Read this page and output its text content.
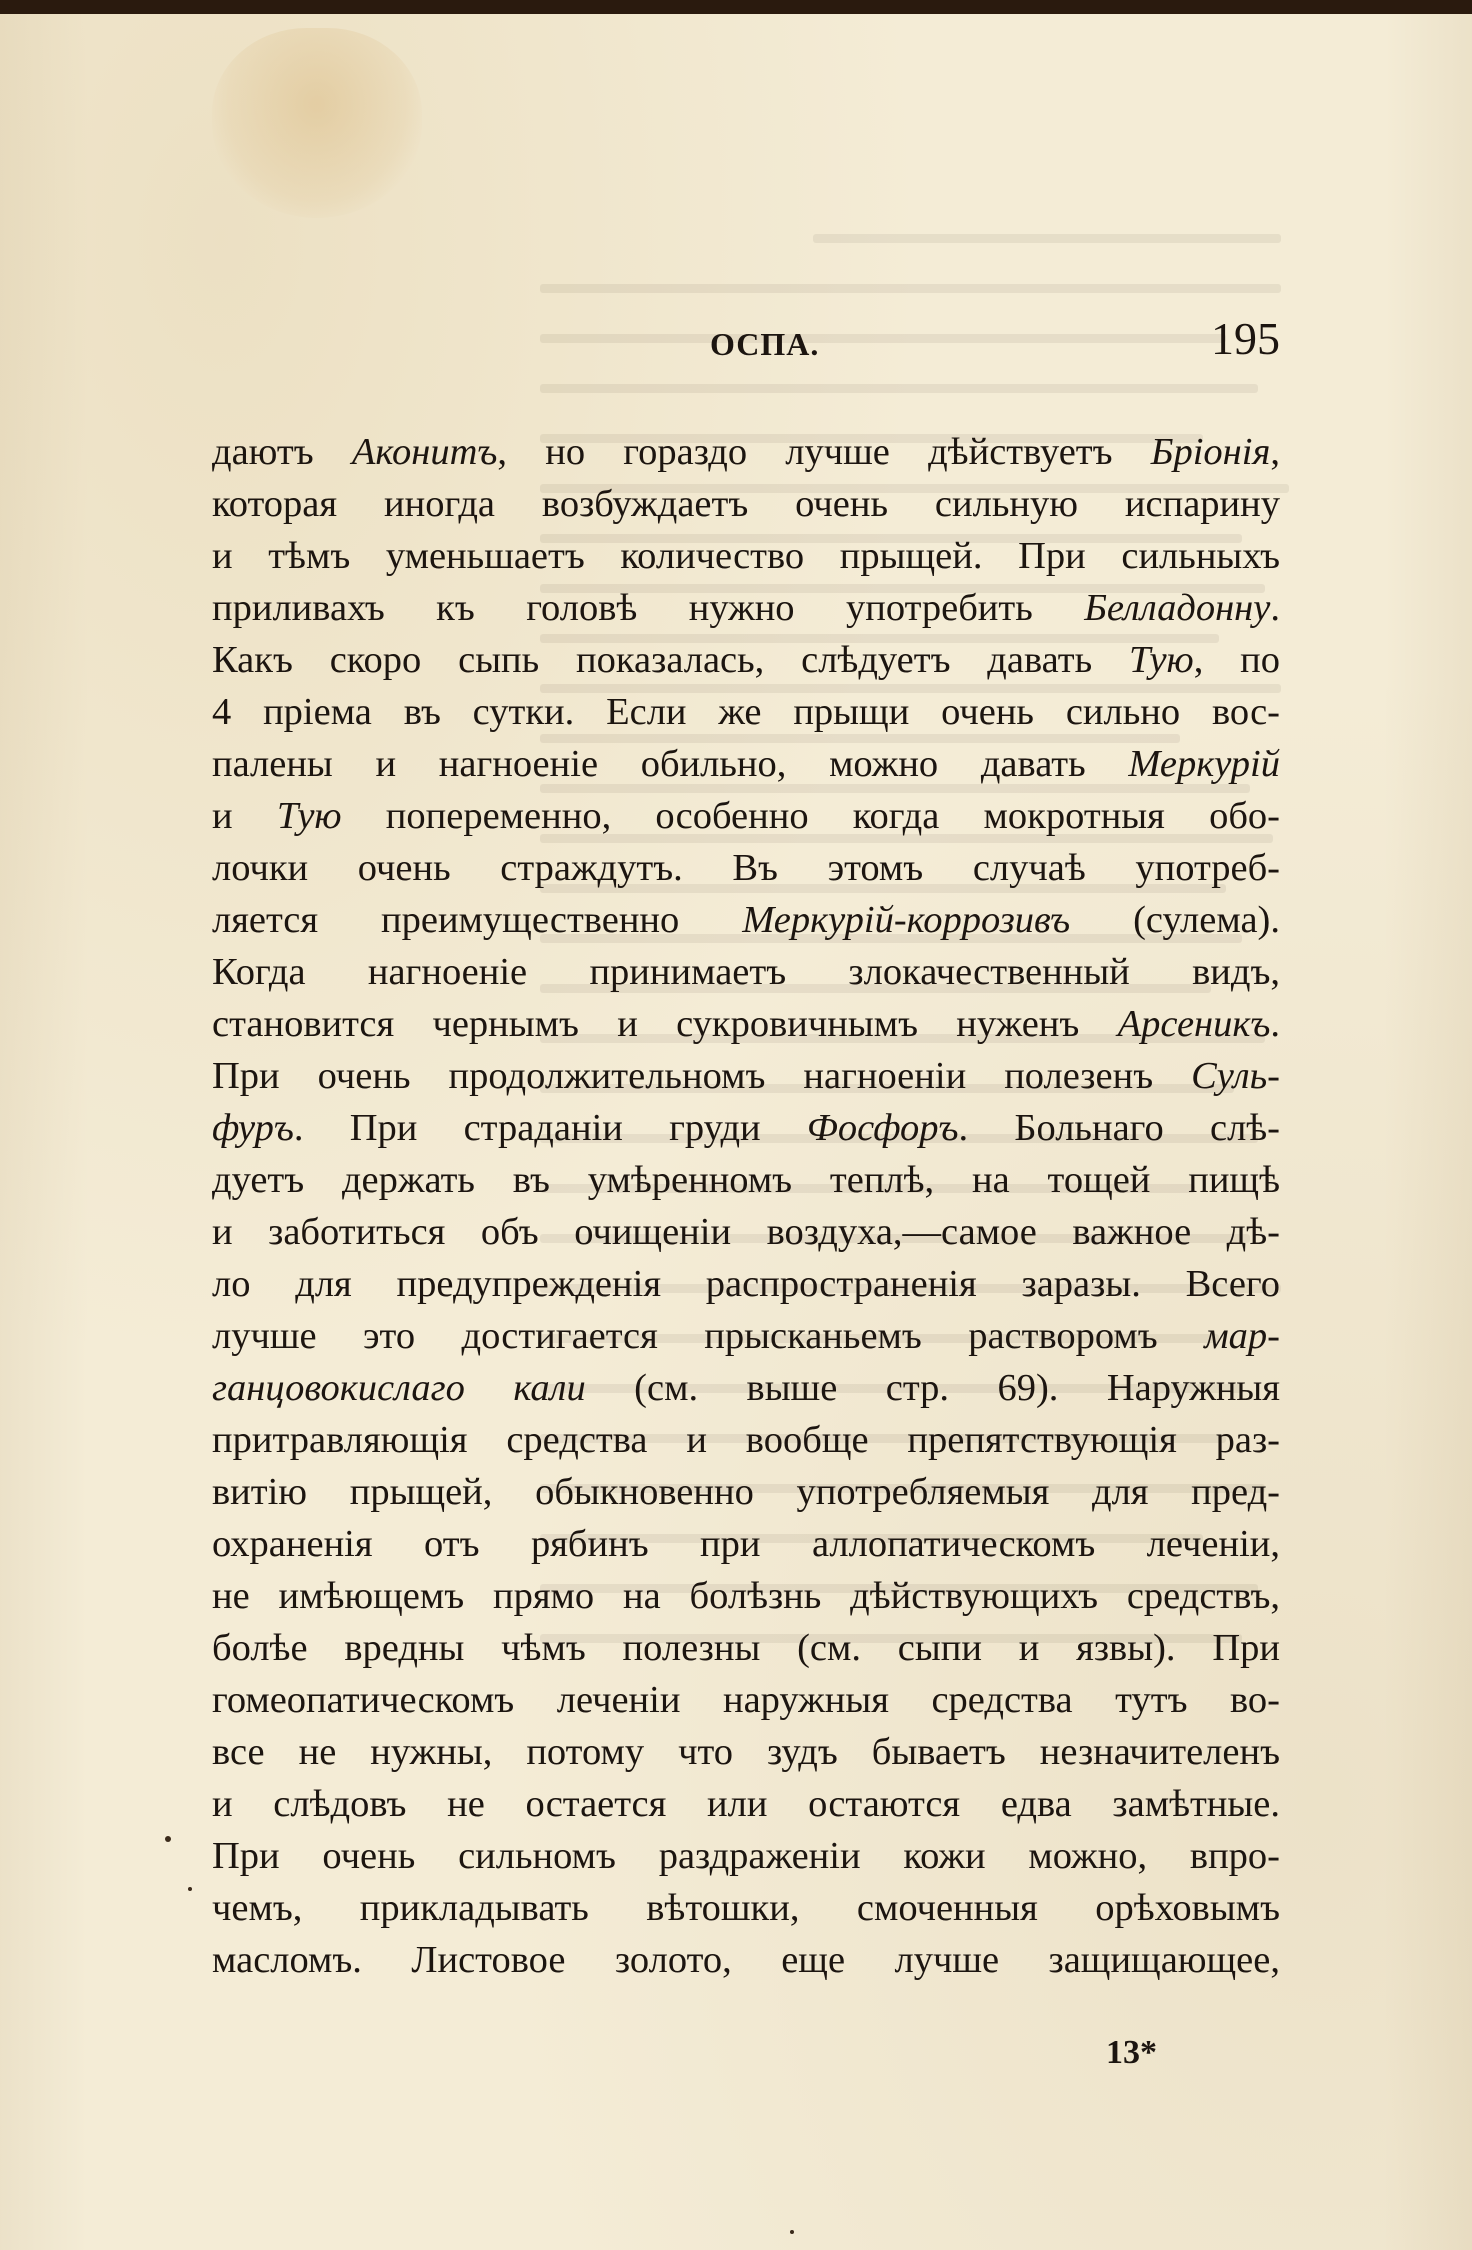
ОСПА.	195
даютъ Аконитъ, но гораздо лучше дѣйствуетъ Бріонія,
которая иногда возбуждаетъ очень сильную испарину
и тѣмъ уменьшаетъ количество прыщей. При сильныхъ
приливахъ къ головѣ нужно употребить Белладонну.
Какъ скоро сыпь показалась, слѣдуетъ давать Тую, по
4 пріема въ сутки. Если же прыщи очень сильно вос-
палены и нагноеніе обильно, можно давать Меркурій
и Тую попеременно, особенно когда мокротныя обо-
лочки очень страждутъ. Въ этомъ случаѣ употреб-
ляется преимущественно Меркурій-коррозивъ (сулема).
Когда нагноеніе принимаетъ злокачественный видъ,
становится чернымъ и сукровичнымъ нуженъ Арсеникъ.
При очень продолжительномъ нагноеніи полезенъ Суль-
фуръ. При страданіи груди Фосфоръ. Больнаго слѣ-
дуетъ держать въ умѣренномъ теплѣ, на тощей пищѣ
и заботиться объ очищеніи воздуха,—самое важное дѣ-
ло для предупрежденія распространенія заразы. Всего
лучше это достигается прысканьемъ растворомъ мар-
ганцовокислаго кали (см. выше стр. 69). Наружныя
притравляющія средства и вообще препятствующія раз-
витію прыщей, обыкновенно употребляемыя для пред-
охраненія отъ рябинъ при аллопатическомъ леченіи,
не имѣющемъ прямо на болѣзнь дѣйствующихъ средствъ,
болѣе вредны чѣмъ полезны (см. сыпи и язвы). При
гомеопатическомъ леченіи наружныя средства тутъ во-
все не нужны, потому что зудъ бываетъ незначителенъ
и слѣдовъ не остается или остаются едва замѣтные.
При очень сильномъ раздраженіи кожи можно, впро-
чемъ, прикладывать вѣтошки, смоченныя орѣховымъ
масломъ. Листовое золото, еще лучше защищающее,
13*
